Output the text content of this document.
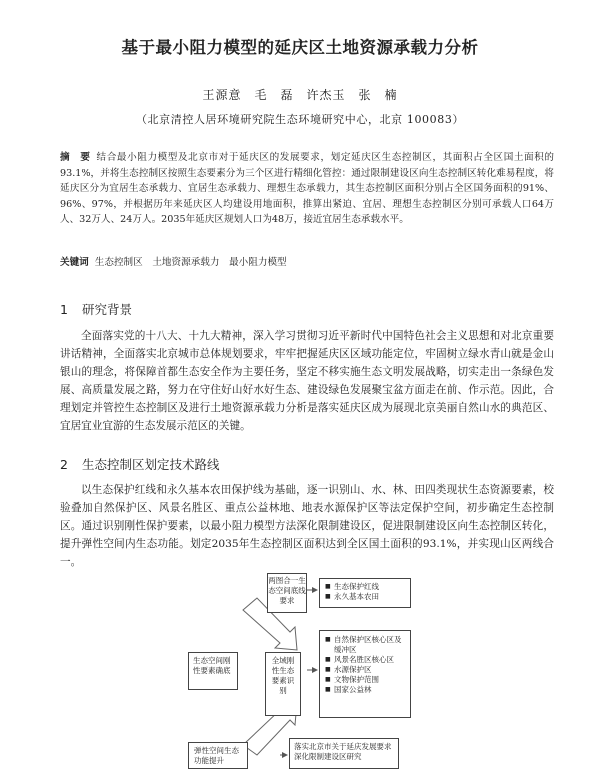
基于最小阻力模型的延庆区土地资源承载力分析
王源意　毛　磊　许杰玉　张　楠
（北京清控人居环境研究院生态环境研究中心，北京 100083）
摘　要 结合最小阻力模型及北京市对于延庆区的发展要求，划定延庆区生态控制区，其面积占全区国土面积的93.1%，并将生态控制区按照生态要素分为三个区进行精细化管控：通过限制建设区向生态控制区转化难易程度，将延庆区分为宜居生态承载力、宜居生态承载力、理想生态承载力，其生态控制区面积分别占全区国务面积的91%、96%、97%，并根据历年来延庆区人均建设用地面积，推算出紧迫、宜居、理想生态控制区分别可承载人口64万人、32万人、24万人。2035年延庆区规划人口为48万，接近宜居生态承载水平。
关键词 生态控制区　土地资源承载力　最小阻力模型
1 研究背景
全面落实党的十八大、十九大精神，深入学习贯彻习近平新时代中国特色社会主义思想和对北京重要讲话精神，全面落实北京城市总体规划要求，牢牢把握延庆区区域功能定位，牢固树立绿水青山就是金山银山的理念，将保障首都生态安全作为主要任务，坚定不移实施生态文明发展战略，切实走出一条绿色发展、高质量发展之路，努力在守住好山好水好生态、建设绿色发展聚宝盆方面走在前、作示范。因此，合理划定并管控生态控制区及进行土地资源承载力分析是落实延庆区成为展现北京美丽自然山水的典范区、宜居宜业宜游的生态发展示范区的关键。
2 生态控制区划定技术路线
以生态保护红线和永久基本农田保护线为基础，逐一识别山、水、林、田四类现状生态资源要素，校验叠加自然保护区、风景名胜区、重点公益林地、地表水源保护区等法定保护空间，初步确定生态控制区。通过识别刚性保护要素，以最小阻力模型方法深化限制建设区，促进限制建设区向生态控制区转化，提升弹性空间内生态功能。划定2035年生态控制区面积达到全区国土面积的93.1%，并实现山区两线合一。
两图合一生态空间底线要求
■ 生态保护红线
■ 永久基本农田
生态空间刚性要素确底
全域刚性生态要素识别
■ 自然保护区核心区及缓冲区
■ 风景名胜区核心区
■ 水源保护区
■ 文物保护范围
■ 国家公益林
弹性空间生态功能提升
落实北京市关于延庆发展要求深化限制建设区研究
